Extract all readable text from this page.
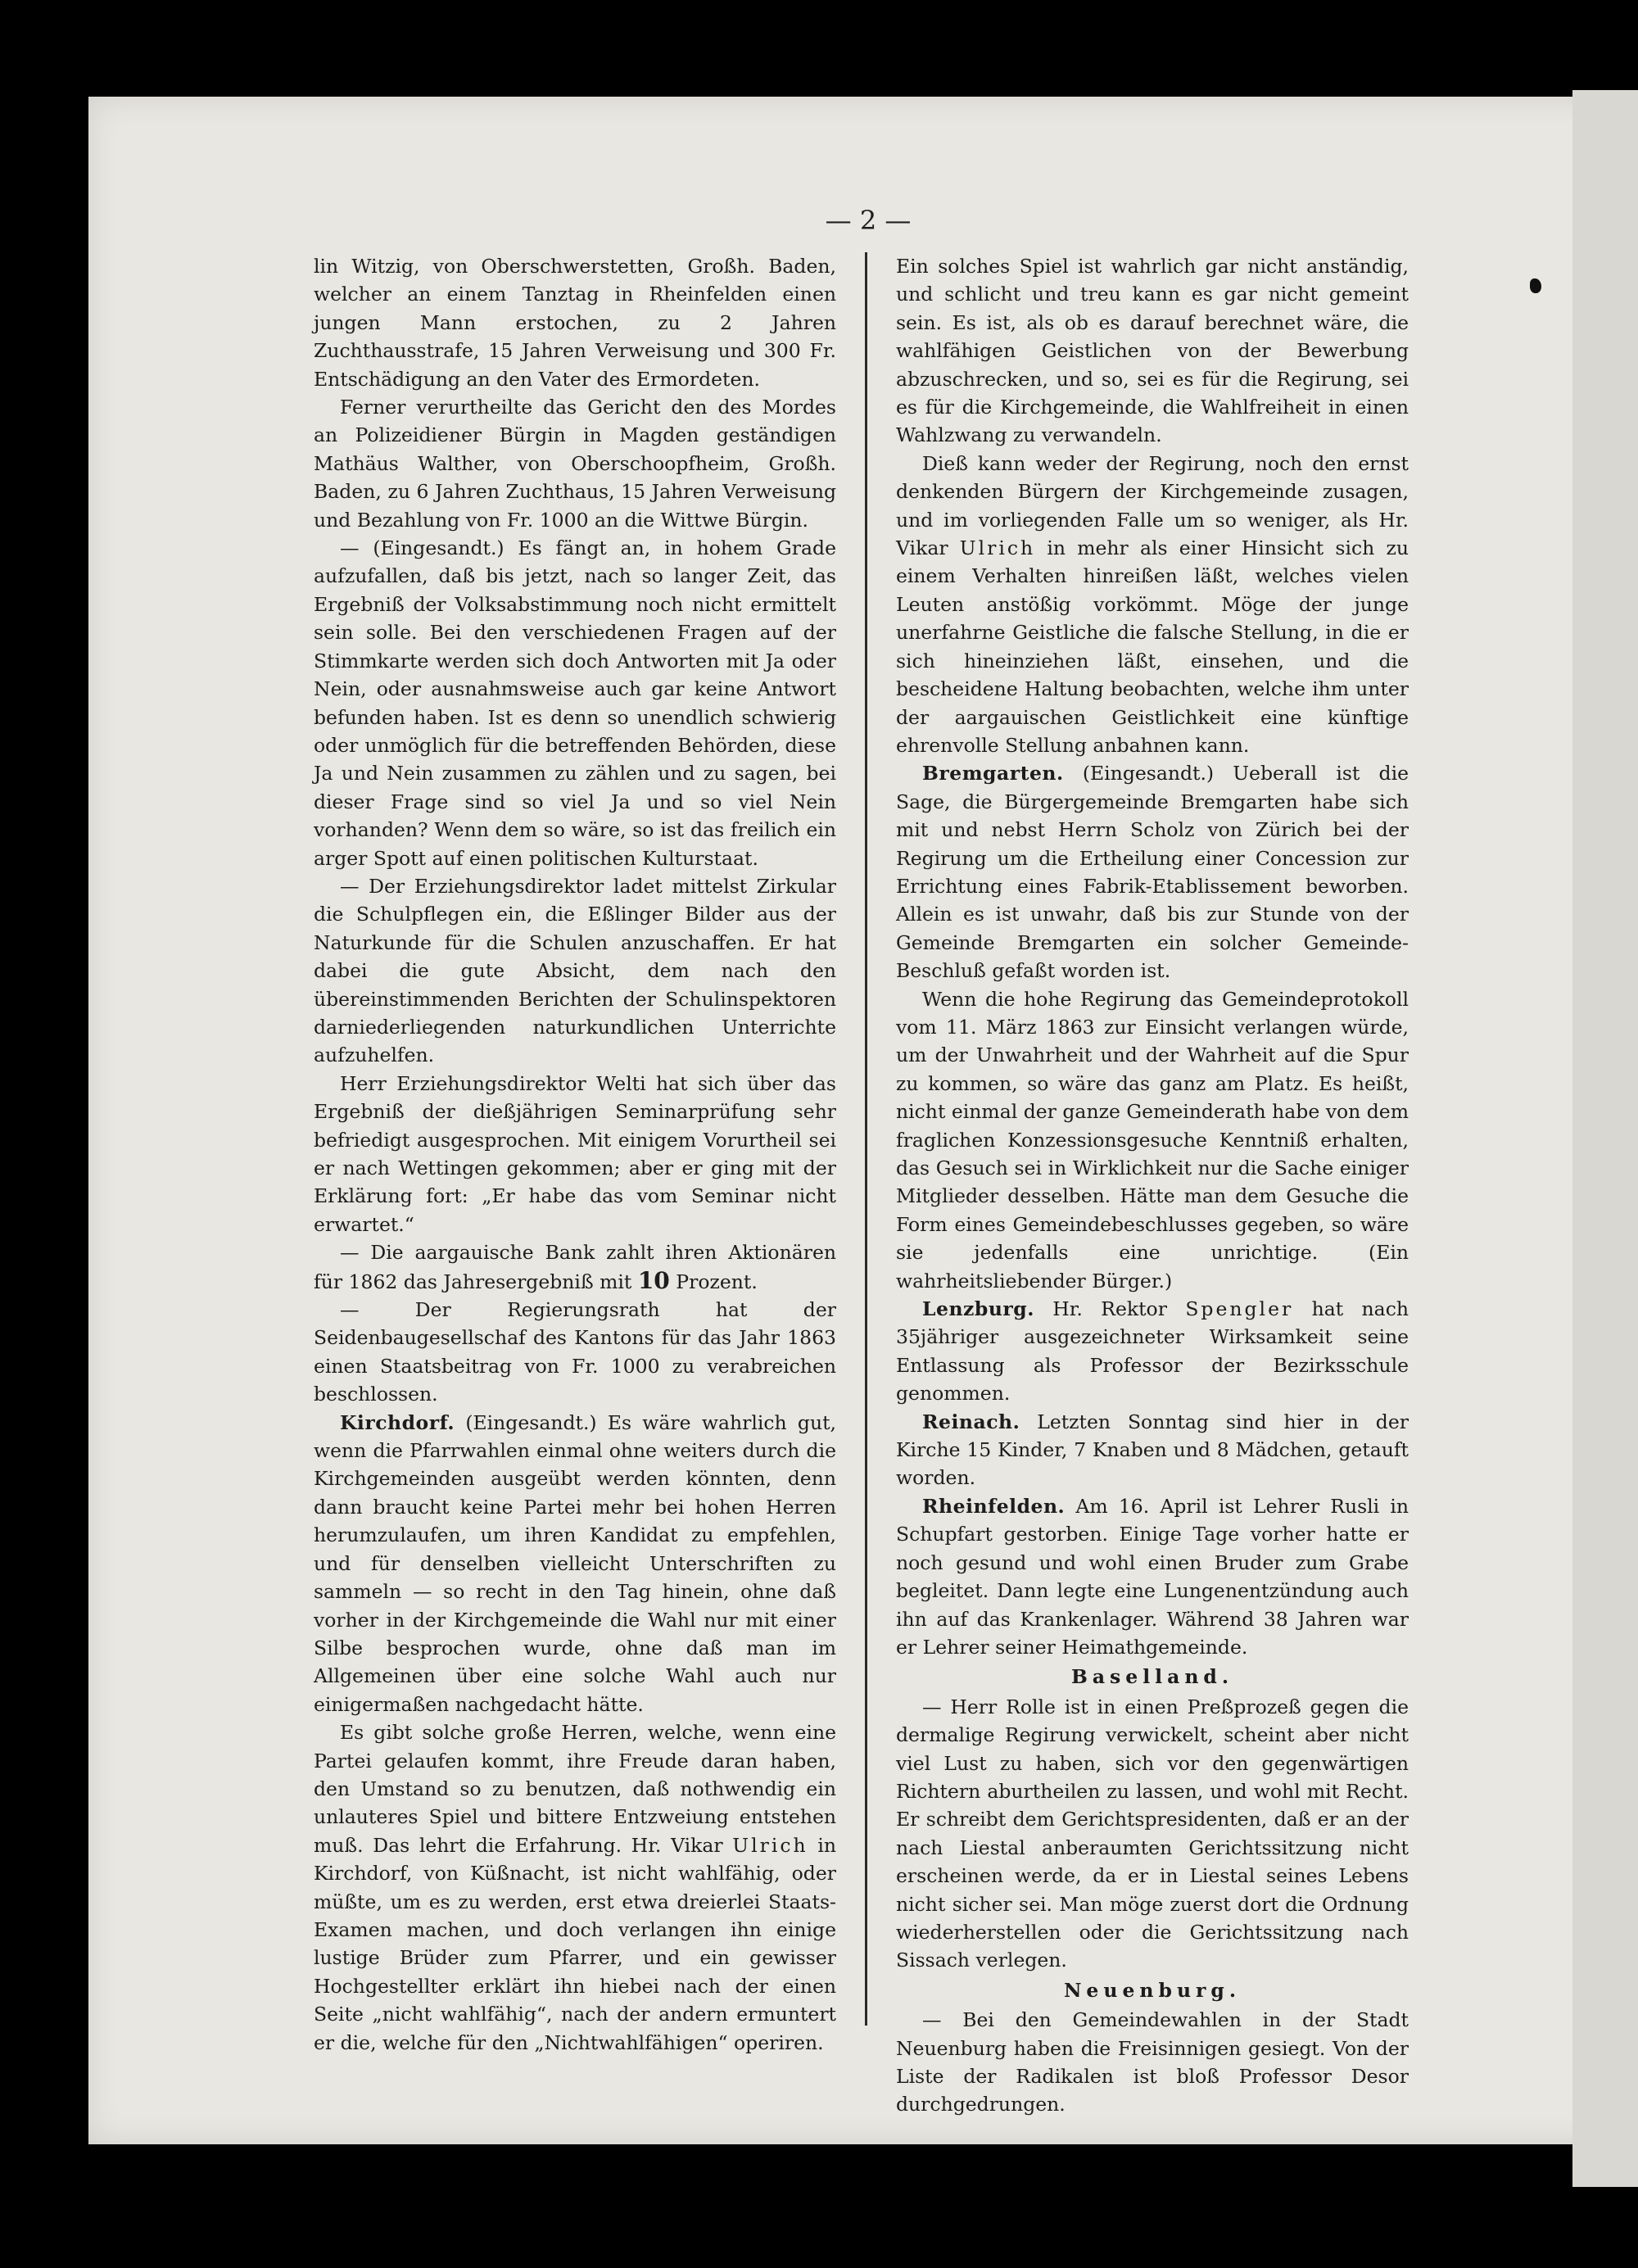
— 2 —

lin Witzig, von Oberschwerstetten, Großh. Baden, welcher an einem Tanztag in Rheinfelden einen jungen Mann erstochen, zu 2 Jahren Zuchthausstrafe, 15 Jahren Verweisung und 300 Fr. Entschädigung an den Vater des Ermordeten.

Ferner verurtheilte das Gericht den des Mordes an Polizeidiener Bürgin in Magden geständigen Mathäus Walther, von Oberschoopfheim, Großh. Baden, zu 6 Jahren Zuchthaus, 15 Jahren Verweisung und Bezahlung von Fr. 1000 an die Wittwe Bürgin.

— (Eingesandt.) Es fängt an, in hohem Grade aufzufallen, daß bis jetzt, nach so langer Zeit, das Ergebniß der Volksabstimmung noch nicht ermittelt sein solle. Bei den verschiedenen Fragen auf der Stimmkarte werden sich doch Antworten mit Ja oder Nein, oder ausnahmsweise auch gar keine Antwort befunden haben. Ist es denn so unendlich schwierig oder unmöglich für die betreffenden Behörden, diese Ja und Nein zusammen zu zählen und zu sagen, bei dieser Frage sind so viel Ja und so viel Nein vorhanden? Wenn dem so wäre, so ist das freilich ein arger Spott auf einen politischen Kulturstaat.

— Der Erziehungsdirektor ladet mittelst Zirkular die Schulpflegen ein, die Eßlinger Bilder aus der Naturkunde für die Schulen anzuschaffen. Er hat dabei die gute Absicht, dem nach den übereinstimmenden Berichten der Schulinspektoren darniederliegenden naturkundlichen Unterrichte aufzuhelfen.

Herr Erziehungsdirektor Welti hat sich über das Ergebniß der dießjährigen Seminarprüfung sehr befriedigt ausgesprochen. Mit einigem Vorurtheil sei er nach Wettingen gekommen; aber er ging mit der Erklärung fort: „Er habe das vom Seminar nicht erwartet.“

— Die aargauische Bank zahlt ihren Aktionären für 1862 das Jahresergebniß mit 10 Prozent.

— Der Regierungsrath hat der Seidenbaugesellschaf des Kantons für das Jahr 1863 einen Staatsbeitrag von Fr. 1000 zu verabreichen beschlossen.

Kirchdorf. (Eingesandt.) Es wäre wahrlich gut, wenn die Pfarrwahlen einmal ohne weiters durch die Kirchgemeinden ausgeübt werden könnten, denn dann braucht keine Partei mehr bei hohen Herren herumzulaufen, um ihren Kandidat zu empfehlen, und für denselben vielleicht Unterschriften zu sammeln — so recht in den Tag hinein, ohne daß vorher in der Kirchgemeinde die Wahl nur mit einer Silbe besprochen wurde, ohne daß man im Allgemeinen über eine solche Wahl auch nur einigermaßen nachgedacht hätte.

Es gibt solche große Herren, welche, wenn eine Partei gelaufen kommt, ihre Freude daran haben, den Umstand so zu benutzen, daß nothwendig ein unlauteres Spiel und bittere Entzweiung entstehen muß. Das lehrt die Erfahrung. Hr. Vikar Ulrich in Kirchdorf, von Küßnacht, ist nicht wahlfähig, oder müßte, um es zu werden, erst etwa dreierlei Staats-Examen machen, und doch verlangen ihn einige lustige Brüder zum Pfarrer, und ein gewisser Hochgestellter erklärt ihn hiebei nach der einen Seite „nicht wahlfähig“, nach der andern ermuntert er die, welche für den „Nichtwahlfähigen“ operiren.

Ein solches Spiel ist wahrlich gar nicht anständig, und schlicht und treu kann es gar nicht gemeint sein. Es ist, als ob es darauf berechnet wäre, die wahlfähigen Geistlichen von der Bewerbung abzuschrecken, und so, sei es für die Regirung, sei es für die Kirchgemeinde, die Wahlfreiheit in einen Wahlzwang zu verwandeln.

Dieß kann weder der Regirung, noch den ernst denkenden Bürgern der Kirchgemeinde zusagen, und im vorliegenden Falle um so weniger, als Hr. Vikar Ulrich in mehr als einer Hinsicht sich zu einem Verhalten hinreißen läßt, welches vielen Leuten anstößig vorkömmt. Möge der junge unerfahrne Geistliche die falsche Stellung, in die er sich hineinziehen läßt, einsehen, und die bescheidene Haltung beobachten, welche ihm unter der aargauischen Geistlichkeit eine künftige ehrenvolle Stellung anbahnen kann.

Bremgarten. (Eingesandt.) Ueberall ist die Sage, die Bürgergemeinde Bremgarten habe sich mit und nebst Herrn Scholz von Zürich bei der Regirung um die Ertheilung einer Concession zur Errichtung eines Fabrik-Etablissement beworben. Allein es ist unwahr, daß bis zur Stunde von der Gemeinde Bremgarten ein solcher Gemeinde-Beschluß gefaßt worden ist.

Wenn die hohe Regirung das Gemeindeprotokoll vom 11. März 1863 zur Einsicht verlangen würde, um der Unwahrheit und der Wahrheit auf die Spur zu kommen, so wäre das ganz am Platz. Es heißt, nicht einmal der ganze Gemeinderath habe von dem fraglichen Konzessionsgesuche Kenntniß erhalten, das Gesuch sei in Wirklichkeit nur die Sache einiger Mitglieder desselben. Hätte man dem Gesuche die Form eines Gemeindebeschlusses gegeben, so wäre sie jedenfalls eine unrichtige. (Ein wahrheitsliebender Bürger.)

Lenzburg. Hr. Rektor Spengler hat nach 35jähriger ausgezeichneter Wirksamkeit seine Entlassung als Professor der Bezirksschule genommen.

Reinach. Letzten Sonntag sind hier in der Kirche 15 Kinder, 7 Knaben und 8 Mädchen, getauft worden.

Rheinfelden. Am 16. April ist Lehrer Rusli in Schupfart gestorben. Einige Tage vorher hatte er noch gesund und wohl einen Bruder zum Grabe begleitet. Dann legte eine Lungenentzündung auch ihn auf das Krankenlager. Während 38 Jahren war er Lehrer seiner Heimathgemeinde.

Baselland.

— Herr Rolle ist in einen Preßprozeß gegen die dermalige Regirung verwickelt, scheint aber nicht viel Lust zu haben, sich vor den gegenwärtigen Richtern aburtheilen zu lassen, und wohl mit Recht. Er schreibt dem Gerichtspresidenten, daß er an der nach Liestal anberaumten Gerichtssitzung nicht erscheinen werde, da er in Liestal seines Lebens nicht sicher sei. Man möge zuerst dort die Ordnung wiederherstellen oder die Gerichtssitzung nach Sissach verlegen.

Neuenburg.

— Bei den Gemeindewahlen in der Stadt Neuenburg haben die Freisinnigen gesiegt. Von der Liste der Radikalen ist bloß Professor Desor durchgedrungen.
